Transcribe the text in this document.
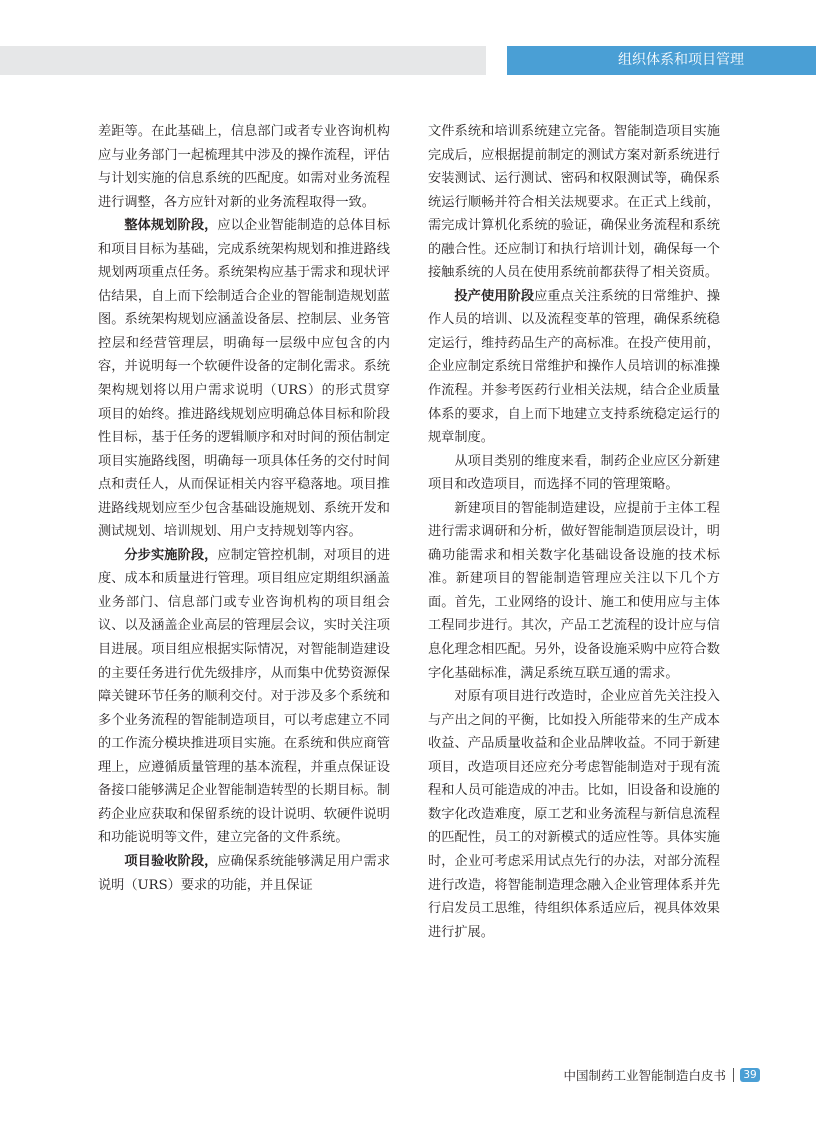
组织体系和项目管理

差距等。在此基础上，信息部门或者专业咨询机构应与业务部门一起梳理其中涉及的操作流程，评估与计划实施的信息系统的匹配度。如需对业务流程进行调整，各方应针对新的业务流程取得一致。

整体规划阶段，应以企业智能制造的总体目标和项目目标为基础，完成系统架构规划和推进路线规划两项重点任务。系统架构应基于需求和现状评估结果，自上而下绘制适合企业的智能制造规划蓝图。系统架构规划应涵盖设备层、控制层、业务管控层和经营管理层，明确每一层级中应包含的内容，并说明每一个软硬件设备的定制化需求。系统架构规划将以用户需求说明（URS）的形式贯穿项目的始终。推进路线规划应明确总体目标和阶段性目标，基于任务的逻辑顺序和对时间的预估制定项目实施路线图，明确每一项具体任务的交付时间点和责任人，从而保证相关内容平稳落地。项目推进路线规划应至少包含基础设施规划、系统开发和测试规划、培训规划、用户支持规划等内容。

分步实施阶段，应制定管控机制，对项目的进度、成本和质量进行管理。项目组应定期组织涵盖业务部门、信息部门或专业咨询机构的项目组会议、以及涵盖企业高层的管理层会议，实时关注项目进展。项目组应根据实际情况，对智能制造建设的主要任务进行优先级排序，从而集中优势资源保障关键环节任务的顺利交付。对于涉及多个系统和多个业务流程的智能制造项目，可以考虑建立不同的工作流分模块推进项目实施。在系统和供应商管理上，应遵循质量管理的基本流程，并重点保证设备接口能够满足企业智能制造转型的长期目标。制药企业应获取和保留系统的设计说明、软硬件说明和功能说明等文件，建立完备的文件系统。

项目验收阶段，应确保系统能够满足用户需求说明（URS）要求的功能，并且保证

文件系统和培训系统建立完备。智能制造项目实施完成后，应根据提前制定的测试方案对新系统进行安装测试、运行测试、密码和权限测试等，确保系统运行顺畅并符合相关法规要求。在正式上线前，需完成计算机化系统的验证，确保业务流程和系统的融合性。还应制订和执行培训计划，确保每一个接触系统的人员在使用系统前都获得了相关资质。

投产使用阶段应重点关注系统的日常维护、操作人员的培训、以及流程变革的管理，确保系统稳定运行，维持药品生产的高标准。在投产使用前，企业应制定系统日常维护和操作人员培训的标准操作流程。并参考医药行业相关法规，结合企业质量体系的要求，自上而下地建立支持系统稳定运行的规章制度。

从项目类别的维度来看，制药企业应区分新建项目和改造项目，而选择不同的管理策略。

新建项目的智能制造建设，应提前于主体工程进行需求调研和分析，做好智能制造顶层设计，明确功能需求和相关数字化基础设备设施的技术标准。新建项目的智能制造管理应关注以下几个方面。首先，工业网络的设计、施工和使用应与主体工程同步进行。其次，产品工艺流程的设计应与信息化理念相匹配。另外，设备设施采购中应符合数字化基础标准，满足系统互联互通的需求。

对原有项目进行改造时，企业应首先关注投入与产出之间的平衡，比如投入所能带来的生产成本收益、产品质量收益和企业品牌收益。不同于新建项目，改造项目还应充分考虑智能制造对于现有流程和人员可能造成的冲击。比如，旧设备和设施的数字化改造难度，原工艺和业务流程与新信息流程的匹配性，员工的对新模式的适应性等。具体实施时，企业可考虑采用试点先行的办法，对部分流程进行改造，将智能制造理念融入企业管理体系并先行启发员工思维，待组织体系适应后，视具体效果进行扩展。

中国制药工业智能制造白皮书	39
